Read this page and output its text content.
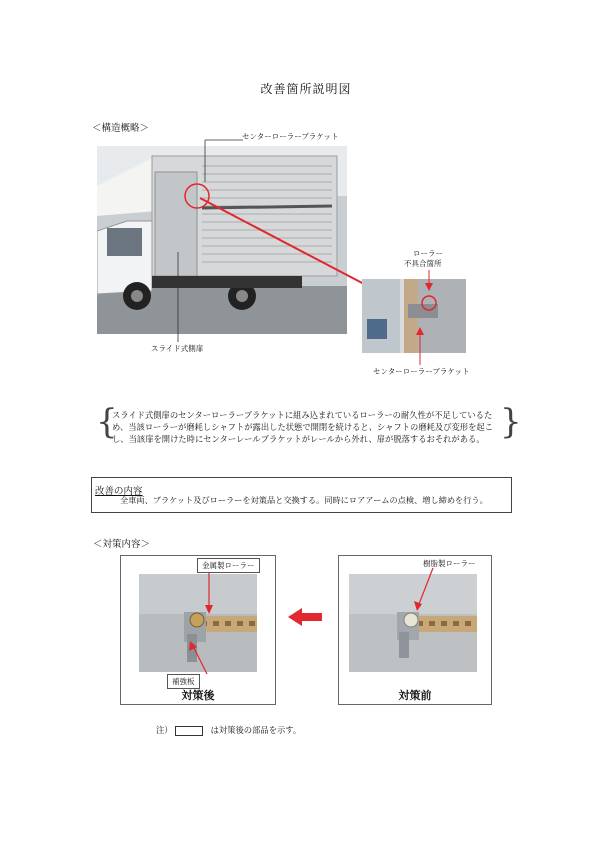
改善箇所説明図
＜構造概略＞
センターローラーブラケット
スライド式側扉
ローラー
不具合箇所
センターローラーブラケット
{	}
スライド式側扉のセンターローラーブラケットに組み込まれているローラーの耐久性が不足しているため、当該ローラーが磨耗しシャフトが露出した状態で開閉を続けると、シャフトの磨耗及び変形を起こし、当該扉を開けた時にセンターレールブラケットがレールから外れ、扉が脱落するおそれがある。
改善の内容
全車両、ブラケット及びローラーを対策品と交換する。同時にロアアームの点検、増し締めを行う。
＜対策内容＞
金属製ローラー
補強板
対策後
樹脂製ローラー
対策前
注）	は対策後の部品を示す。
